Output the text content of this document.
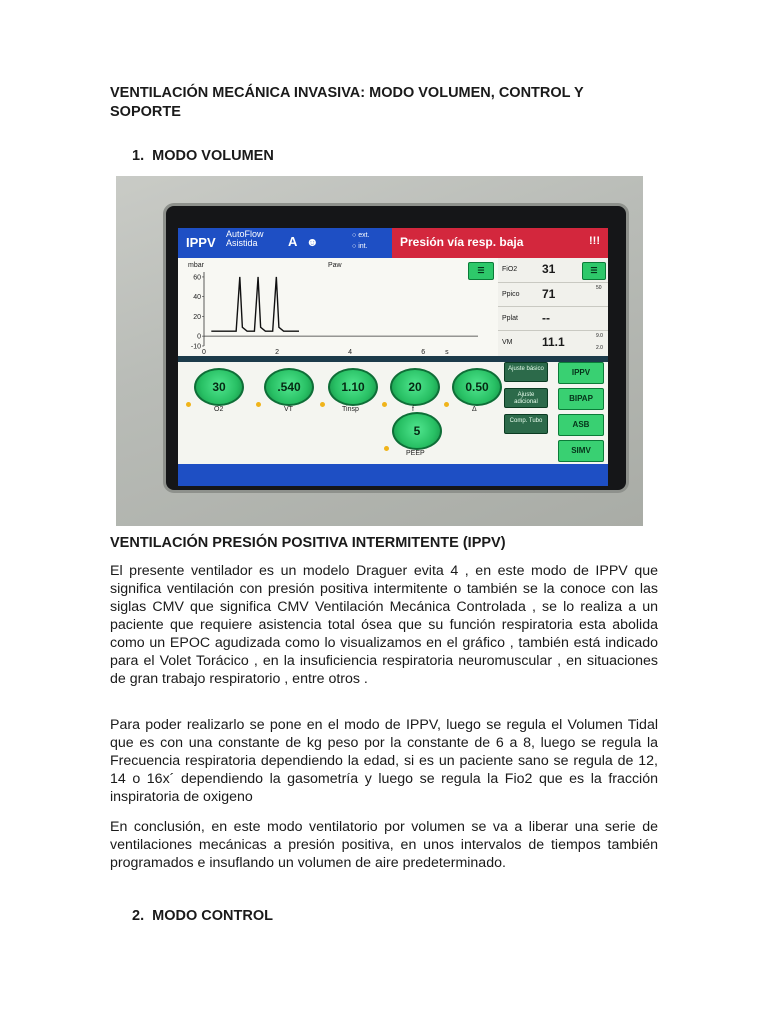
VENTILACIÓN MECÁNICA INVASIVA: MODO VOLUMEN, CONTROL Y SOPORTE
1.  MODO VOLUMEN
IPPV
AutoFlow
Asistida	A ☻	○ ext.
○ int.	Presión vía resp. baja	!!!
mbar	Paw
60
40
20
0
-10
0	2	4	6	s
☰	FiO2 31
Ppico 71	50
Pplat --
VM 11.1	9.0
2.0
☰
30
O2
.540
VT
1.10
Tinsp
20
f
0.50
Δ
5
PEEP
Ajuste básico
Ajuste adicional
Comp. Tubo
IPPV
BIPAP
ASB
SIMV
VENTILACIÓN PRESIÓN POSITIVA INTERMITENTE (IPPV)

El presente ventilador es un modelo Draguer evita 4 , en este modo de IPPV que significa ventilación con presión positiva intermitente o también se la conoce con las siglas CMV que significa CMV Ventilación Mecánica Controlada , se lo realiza a un paciente que requiere asistencia total ósea que su función respiratoria esta abolida como un EPOC agudizada como lo visualizamos en el gráfico , también está indicado para el Volet Torácico , en la insuficiencia respiratoria neuromuscular , en situaciones de gran trabajo respiratorio , entre otros .

Para poder realizarlo se pone en el modo de IPPV, luego se regula el Volumen Tidal que es con una constante de kg peso por la constante de 6 a 8, luego se regula la Frecuencia respiratoria dependiendo la edad, si es un paciente sano se regula de 12, 14 o 16x´ dependiendo la gasometría y luego se regula la Fio2 que es la fracción inspiratoria de oxigeno

En conclusión, en este modo ventilatorio por volumen se va a liberar una serie de ventilaciones mecánicas a presión positiva, en unos intervalos de tiempos también programados e insuflando un volumen de aire predeterminado.

2.  MODO CONTROL
